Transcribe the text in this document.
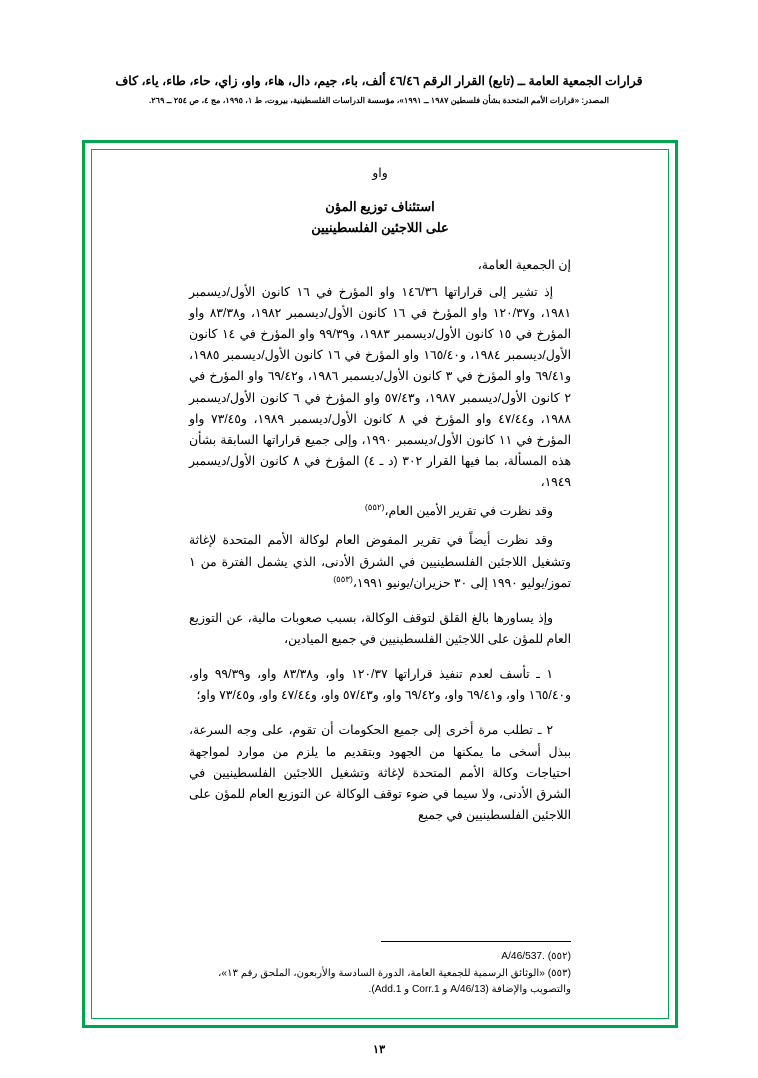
قرارات الجمعية العامة ــ (تابع) القرار الرقم ٤٦/٤٦ ألف، باء، جيم، دال، هاء، واو، زاي، حاء، طاء، ياء، كاف
المصدر: «قرارات الأمم المتحدة بشأن فلسطين ١٩٨٧ ــ ١٩٩١»، مؤسسة الدراسات الفلسطينية، بيروت، ط ١، ١٩٩٥، مج ٤، ص ٢٥٤ ــ ٢٦٩.
واو
استئناف توزيع المؤن
على اللاجئين الفلسطينيين
إن الجمعية العامة،

إذ تشير إلى قراراتها ١٤٦/٣٦ واو المؤرخ في ١٦ كانون الأول/ديسمبر ١٩٨١، و١٢٠/٣٧ واو المؤرخ في ١٦ كانون الأول/ديسمبر ١٩٨٢، و٨٣/٣٨ واو المؤرخ في ١٥ كانون الأول/ديسمبر ١٩٨٣، و٩٩/٣٩ واو المؤرخ في ١٤ كانون الأول/ديسمبر ١٩٨٤، و١٦٥/٤٠ واو المؤرخ في ١٦ كانون الأول/ديسمبر ١٩٨٥، و٦٩/٤١ واو المؤرخ في ٣ كانون الأول/ديسمبر ١٩٨٦، و٦٩/٤٢ واو المؤرخ في ٢ كانون الأول/ديسمبر ١٩٨٧، و٥٧/٤٣ واو المؤرخ في ٦ كانون الأول/ديسمبر ١٩٨٨، و٤٧/٤٤ واو المؤرخ في ٨ كانون الأول/ديسمبر ١٩٨٩، و٧٣/٤٥ واو المؤرخ في ١١ كانون الأول/ديسمبر ١٩٩٠، وإلى جميع قراراتها السابقة بشأن هذه المسألة، بما فيها القرار ٣٠٢ (د ـ ٤) المؤرخ في ٨ كانون الأول/ديسمبر ١٩٤٩،

وقد نظرت في تقرير الأمين العام،$^{(٥٥٢)}$

وقد نظرت أيضاً في تقرير المفوض العام لوكالة الأمم المتحدة لإغاثة وتشغيل اللاجئين الفلسطينيين في الشرق الأدنى، الذي يشمل الفترة من ١ تموز/يوليو ١٩٩٠ إلى ٣٠ حزيران/يونيو ١٩٩١،$^{(٥٥٣)}$

وإذ يساورها بالغ القلق لتوقف الوكالة، بسبب صعوبات مالية، عن التوزيع العام للمؤن على اللاجئين الفلسطينيين في جميع الميادين،

١ ـ تأسف لعدم تنفيذ قراراتها ١٢٠/٣٧ واو، و٨٣/٣٨ واو، و٩٩/٣٩ واو، و١٦٥/٤٠ واو، و٦٩/٤١ واو، و٦٩/٤٢ واو، و٥٧/٤٣ واو، و٤٧/٤٤ واو، و٧٣/٤٥ واو؛

٢ ـ تطلب مرة أخرى إلى جميع الحكومات أن تقوم، على وجه السرعة، ببذل أسخى ما يمكنها من الجهود وبتقديم ما يلزم من موارد لمواجهة احتياجات وكالة الأمم المتحدة لإغاثة وتشغيل اللاجئين الفلسطينيين في الشرق الأدنى، ولا سيما في ضوء توقف الوكالة عن التوزيع العام للمؤن على اللاجئين الفلسطينيين في جميع

(٥٥٢) A/46/537.
(٥٥٣) «الوثائق الرسمية للجمعية العامة، الدورة السادسة والأربعون، الملحق رقم ١٣»، والتصويب والإضافة (A/46/13 و Corr.1 و Add.1).
١٣
